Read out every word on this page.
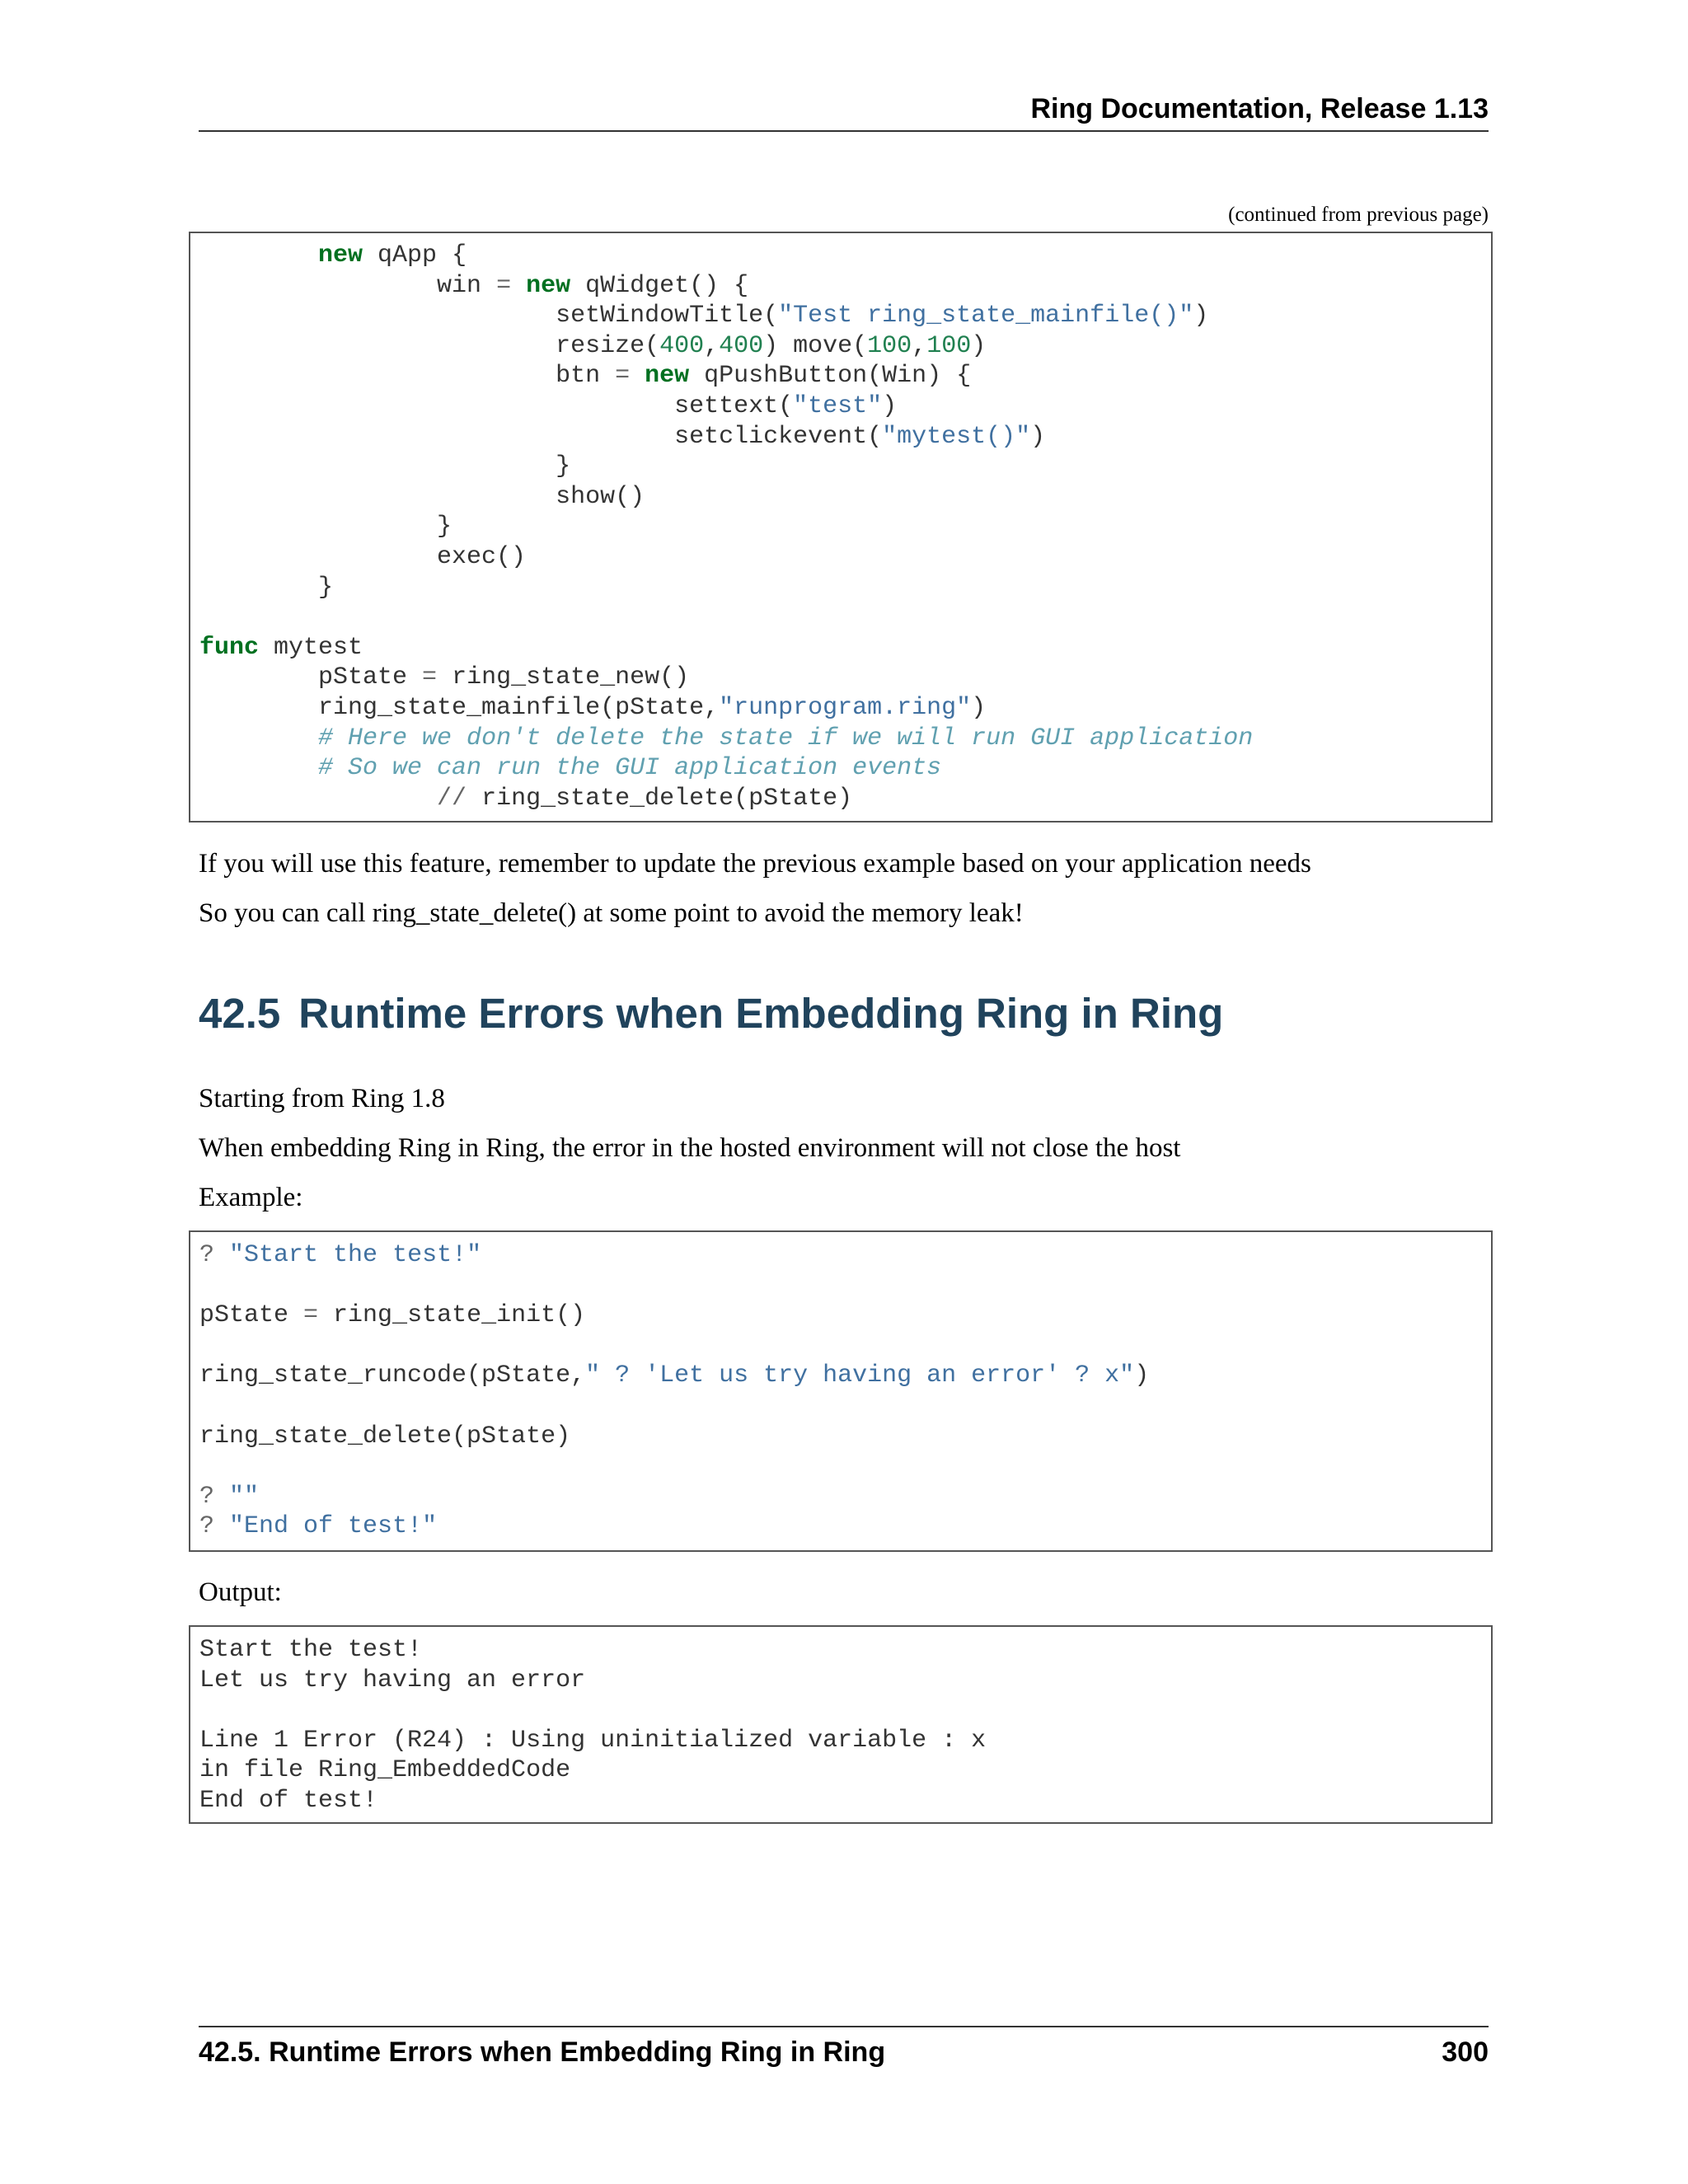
Ring Documentation, Release 1.13
(continued from previous page)
new qApp {
win = new qWidget() {
setWindowTitle("Test ring_state_mainfile()")
resize(400,400) move(100,100)
btn = new qPushButton(Win) {
settext("test")
setclickevent("mytest()")
}
show()
}
exec()
}

func mytest
pState = ring_state_new()
ring_state_mainfile(pState,"runprogram.ring")
# Here we don't delete the state if we will run GUI application
# So we can run the GUI application events
// ring_state_delete(pState)

If you will use this feature, remember to update the previous example based on your application needs

So you can call ring_state_delete() at some point to avoid the memory leak!

42.5 Runtime Errors when Embedding Ring in Ring

Starting from Ring 1.8

When embedding Ring in Ring, the error in the hosted environment will not close the host

Example:

? "Start the test!"

pState = ring_state_init()

ring_state_runcode(pState," ? 'Let us try having an error' ? x")

ring_state_delete(pState)

? ""
? "End of test!"

Output:

Start the test!
Let us try having an error

Line 1 Error (R24) : Using uninitialized variable : x
in file Ring_EmbeddedCode
End of test!
42.5. Runtime Errors when Embedding Ring in Ring	300
